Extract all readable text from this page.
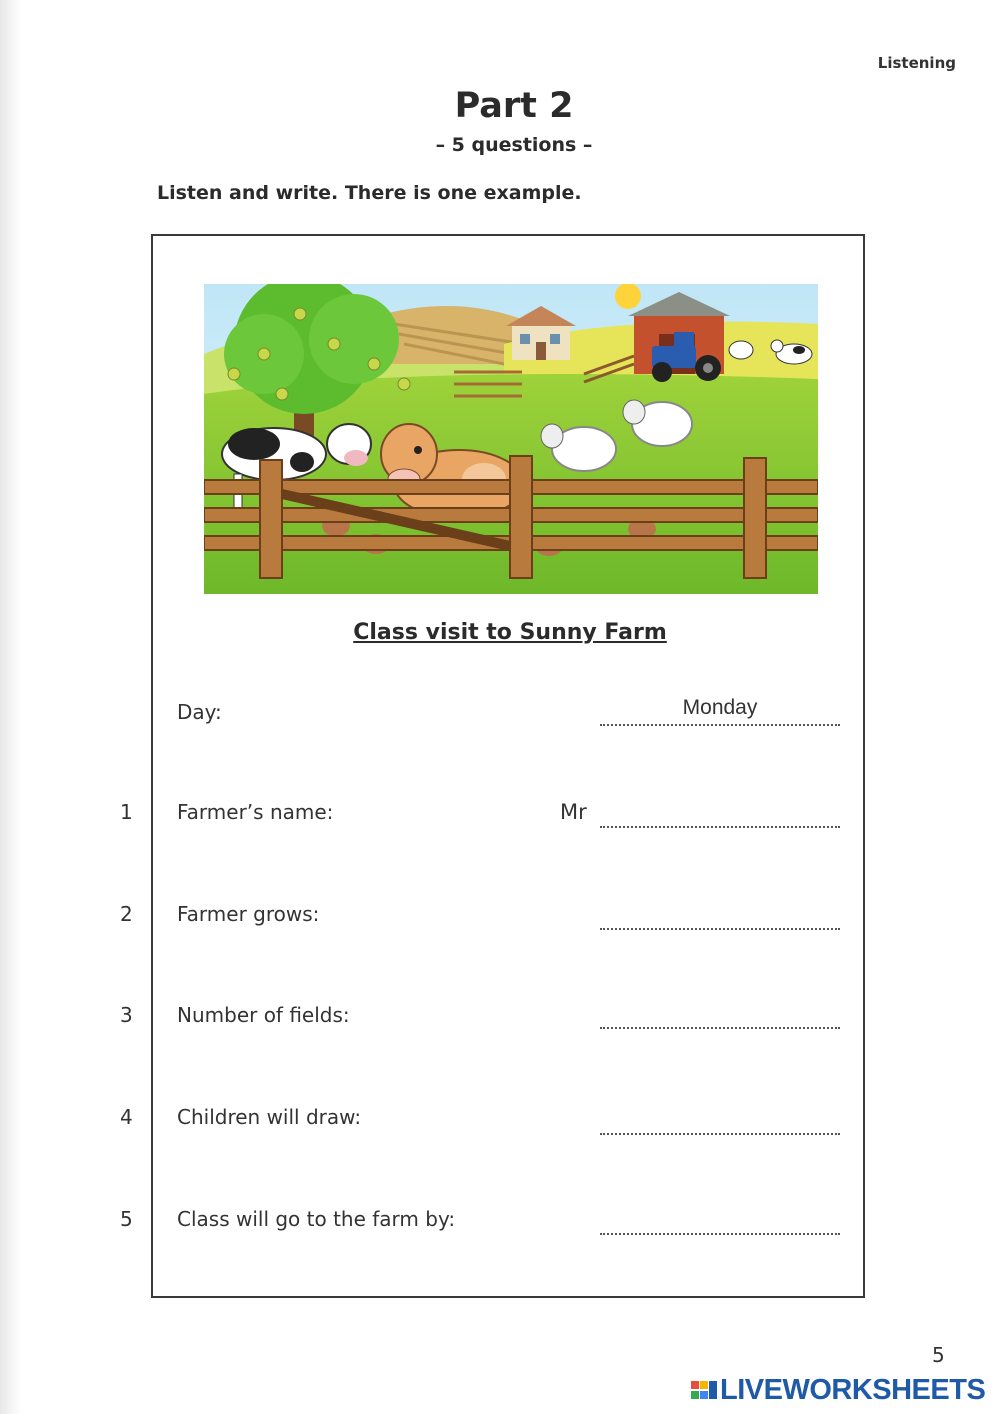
Listening
Part 2
– 5 questions –
Listen and write. There is one example.
Class visit to Sunny Farm
Day:	Monday
1 Farmer’s name:	Mr
2 Farmer grows:
3 Number of fields:
4 Children will draw:
5 Class will go to the farm by:
5
LIVEWORKSHEETS
